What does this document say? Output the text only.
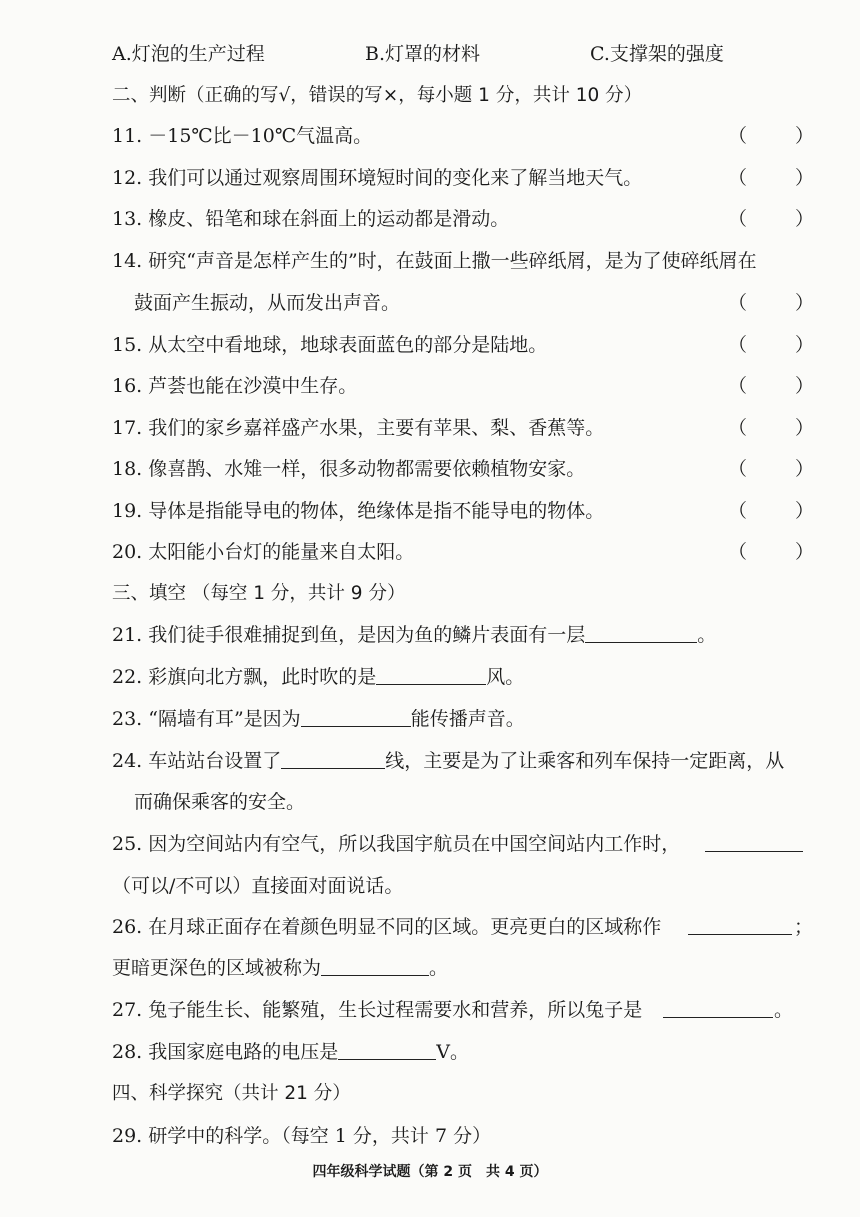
A.灯泡的生产过程	B.灯罩的材料	C.支撑架的强度
二、判断（正确的写√，错误的写×，每小题 1 分，共计 10 分）
11. －15℃比－10℃气温高。	（	）
12. 我们可以通过观察周围环境短时间的变化来了解当地天气。	（	）
13. 橡皮、铅笔和球在斜面上的运动都是滑动。	（	）
14. 研究“声音是怎样产生的”时，在鼓面上撒一些碎纸屑，是为了使碎纸屑在
鼓面产生振动，从而发出声音。	（	）
15. 从太空中看地球，地球表面蓝色的部分是陆地。	（	）
16. 芦荟也能在沙漠中生存。	（	）
17. 我们的家乡嘉祥盛产水果，主要有苹果、梨、香蕉等。	（	）
18. 像喜鹊、水雉一样，很多动物都需要依赖植物安家。	（	）
19. 导体是指能导电的物体，绝缘体是指不能导电的物体。	（	）
20. 太阳能小台灯的能量来自太阳。	（	）
三、填空 （每空 1 分，共计 9 分）
21. 我们徒手很难捕捉到鱼，是因为鱼的鳞片表面有一层	。
22. 彩旗向北方飘，此时吹的是	风。
23. “隔墙有耳”是因为	能传播声音。
24. 车站站台设置了	线，主要是为了让乘客和列车保持一定距离，从
而确保乘客的安全。
25. 因为空间站内有空气，所以我国宇航员在中国空间站内工作时，
（可以/不可以）直接面对面说话。
26. 在月球正面存在着颜色明显不同的区域。更亮更白的区域称作	；
更暗更深色的区域被称为	。
27. 兔子能生长、能繁殖，生长过程需要水和营养，所以兔子是	。
28. 我国家庭电路的电压是	V。
四、科学探究（共计 21 分）
29. 研学中的科学。（每空 1 分，共计 7 分）
四年级科学试题（第 2 页　共 4 页）
